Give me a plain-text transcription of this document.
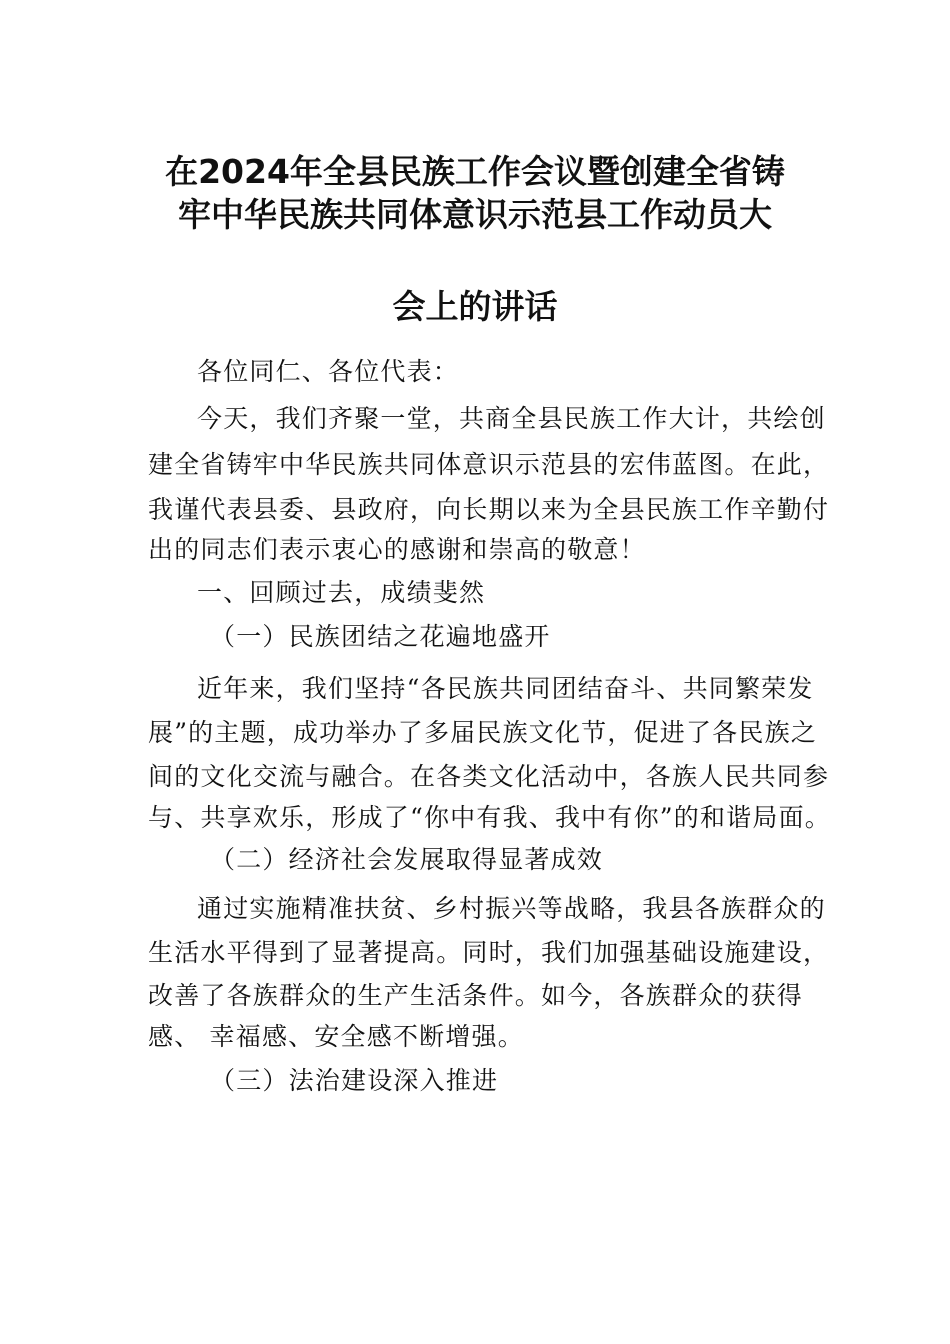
在2024年全县民族工作会议暨创建全省铸
牢中华民族共同体意识示范县工作动员大
会上的讲话
各位同仁、各位代表：
今天，我们齐聚一堂，共商全县民族工作大计，共绘创
建全省铸牢中华民族共同体意识示范县的宏伟蓝图。在此，
我谨代表县委、县政府，向长期以来为全县民族工作辛勤付
出的同志们表示衷心的感谢和崇高的敬意！
一、回顾过去，成绩斐然
（一）民族团结之花遍地盛开
近年来，我们坚持“各民族共同团结奋斗、共同繁荣发
展”的主题，成功举办了多届民族文化节，促进了各民族之
间的文化交流与融合。在各类文化活动中，各族人民共同参
与、共享欢乐，形成了“你中有我、我中有你”的和谐局面。
（二）经济社会发展取得显著成效
通过实施精准扶贫、乡村振兴等战略，我县各族群众的
生活水平得到了显著提高。同时，我们加强基础设施建设，
改善了各族群众的生产生活条件。如今，各族群众的获得
感、 幸福感、安全感不断增强。
（三）法治建设深入推进
